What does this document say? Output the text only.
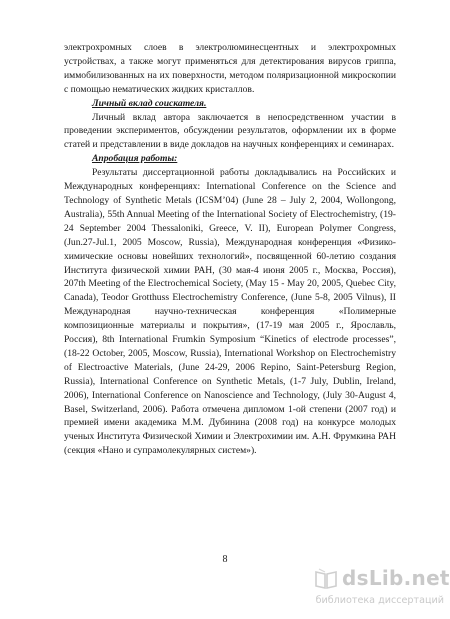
электрохромных слоев в электролюминесцентных и электрохромных устройствах, а также могут применяться для детектирования вирусов гриппа, иммобилизованных на их поверхности, методом поляризационной микроскопии с помощью нематических жидких кристаллов.

Личный вклад соискателя.

Личный вклад автора заключается в непосредственном участии в проведении экспериментов, обсуждении результатов, оформлении их в форме статей и представлении в виде докладов на научных конференциях и семинарах.

Апробация работы:

Результаты диссертационной работы докладывались на Российских и Международных конференциях: International Conference on the Science and Technology of Synthetic Metals (ICSM’04) (June 28 – July 2, 2004, Wollongong, Australia), 55th Annual Meeting of the International Society of Electrochemistry, (19-24 September 2004 Thessaloniki, Greece, V. II), European Polymer Congress, (Jun.27-Jul.1, 2005 Moscow, Russia), Международная конференция «Физико-химические основы новейших технологий», посвященной 60-летию создания Института физической химии РАН, (30 мая-4 июня 2005 г., Москва, Россия), 207th Meeting of the Electrochemical Society, (May 15 - May 20, 2005, Quebec City, Canada), Teodor Grotthuss Electrochemistry Conference, (June 5-8, 2005 Vilnus), II Международная научно-техническая конференция «Полимерные композиционные материалы и покрытия», (17-19 мая 2005 г., Ярославль, Россия), 8th International Frumkin Symposium “Kinetics of electrode processes”, (18-22 October, 2005, Moscow, Russia), International Workshop on Electrochemistry of Electroactive Materials, (June 24-29, 2006 Repino, Saint-Petersburg Region, Russia), International Conference on Synthetic Metals, (1-7 July, Dublin, Ireland, 2006), International Conference on Nanoscience and Technology, (July 30-August 4, Basel, Switzerland, 2006). Работа отмечена дипломом 1-ой степени (2007 год) и премией имени академика М.М. Дубинина (2008 год) на конкурсе молодых ученых Института Физической Химии и Электрохимии им. А.Н. Фрумкина РАН (секция «Нано и супрамолекулярных систем»).

8
dsLib.net
библиотека диссертаций
